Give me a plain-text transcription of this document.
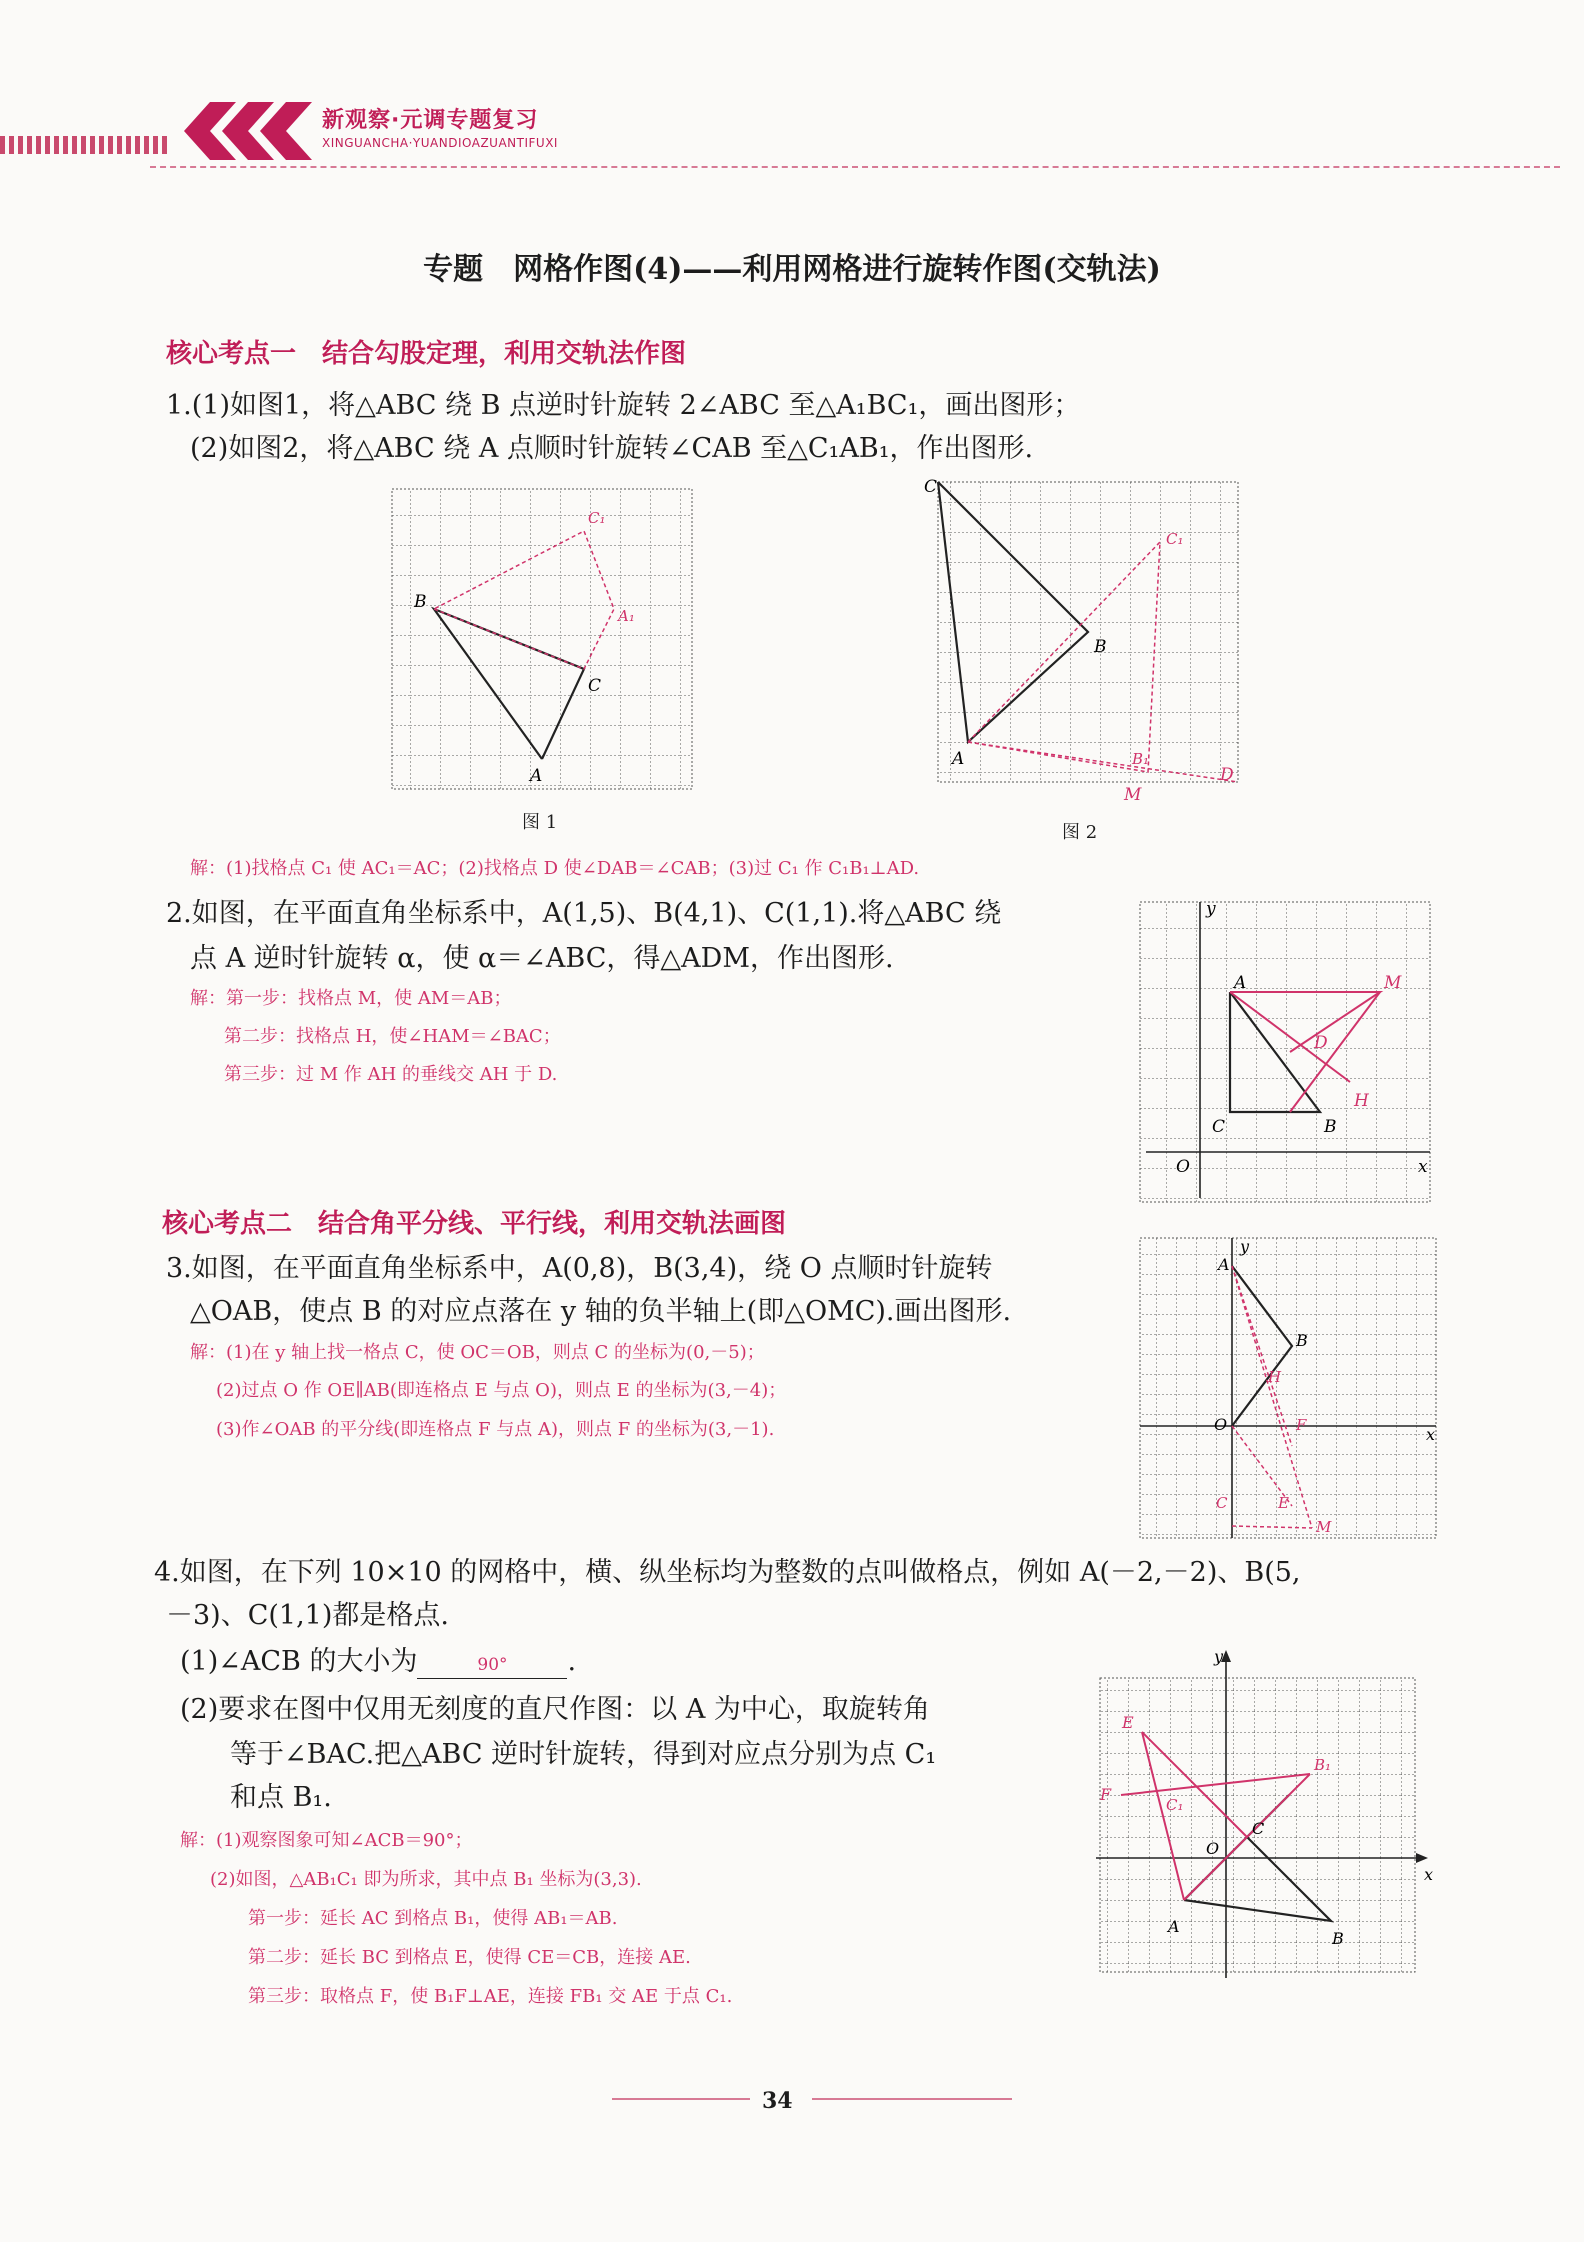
新观察·元调专题复习
XINGUANCHA·YUANDIOAZUANTIFUXI
专题　网格作图(4)——利用网格进行旋转作图(交轨法)
核心考点一　结合勾股定理，利用交轨法作图
1.(1)如图1，将△ABC 绕 B 点逆时针旋转 2∠ABC 至△A₁BC₁，画出图形；
(2)如图2，将△ABC 绕 A 点顺时针旋转∠CAB 至△C₁AB₁，作出图形.
A
B
C
A₁
C₁
图 1
C
B
A
C₁
B₁
D
M
图 2
解：(1)找格点 C₁ 使 AC₁＝AC；(2)找格点 D 使∠DAB＝∠CAB；(3)过 C₁ 作 C₁B₁⊥AD.
2.如图，在平面直角坐标系中，A(1,5)、B(4,1)、C(1,1).将△ABC 绕
点 A 逆时针旋转 α，使 α＝∠ABC，得△ADM，作出图形.
解：第一步：找格点 M，使 AM＝AB；
第二步：找格点 H，使∠HAM＝∠BAC；
第三步：过 M 作 AH 的垂线交 AH 于 D.
y
x
O
A
B
C
M
D
H
核心考点二　结合角平分线、平行线，利用交轨法画图
3.如图，在平面直角坐标系中，A(0,8)，B(3,4)，绕 O 点顺时针旋转
△OAB，使点 B 的对应点落在 y 轴的负半轴上(即△OMC).画出图形.
解：(1)在 y 轴上找一格点 C，使 OC＝OB，则点 C 的坐标为(0,－5)；
(2)过点 O 作 OE∥AB(即连格点 E 与点 O)，则点 E 的坐标为(3,－4)；
(3)作∠OAB 的平分线(即连格点 F 与点 A)，则点 F 的坐标为(3,－1).
y
x
O
A
B
H
F
C	E
M
4.如图，在下列 10×10 的网格中，横、纵坐标均为整数的点叫做格点，例如 A(－2,－2)、B(5,
－3)、C(1,1)都是格点.
(1)∠ACB 的大小为	90° .
(2)要求在图中仅用无刻度的直尺作图：以 A 为中心，取旋转角
等于∠BAC.把△ABC 逆时针旋转，得到对应点分别为点 C₁
和点 B₁.
解：(1)观察图象可知∠ACB＝90°；
(2)如图，△AB₁C₁ 即为所求，其中点 B₁ 坐标为(3,3).
第一步：延长 AC 到格点 B₁，使得 AB₁＝AB.
第二步：延长 BC 到格点 E，使得 CE＝CB，连接 AE.
第三步：取格点 F，使 B₁F⊥AE，连接 FB₁ 交 AE 于点 C₁.
y
x
O
A
B
C
E
F
B₁
C₁
34
